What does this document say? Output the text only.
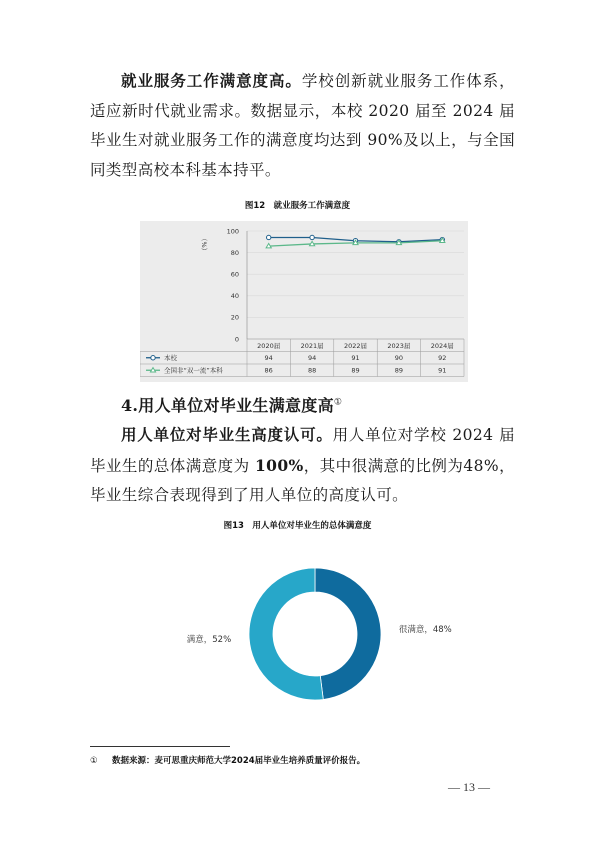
就业服务工作满意度高。学校创新就业服务工作体系，适应新时代就业需求。数据显示，本校 2020 届至 2024 届毕业生对就业服务工作的满意度均达到 90%及以上，与全国同类型高校本科基本持平。

图12　就业服务工作满意度
（%）
0
20
40
60
80
100
2020届	2021届	2022届	2023届	2024届
本校	94	94	91	90	92
全国非“双一流”本科	86	88	89	89	91

4.用人单位对毕业生满意度高①

用人单位对毕业生高度认可。用人单位对学校 2024 届毕业生的总体满意度为 100%，其中很满意的比例为48%，毕业生综合表现得到了用人单位的高度认可。

图13　用人单位对毕业生的总体满意度
很满意，48%
满意，52%

① 数据来源：麦可思重庆师范大学2024届毕业生培养质量评价报告。

— 13 —
